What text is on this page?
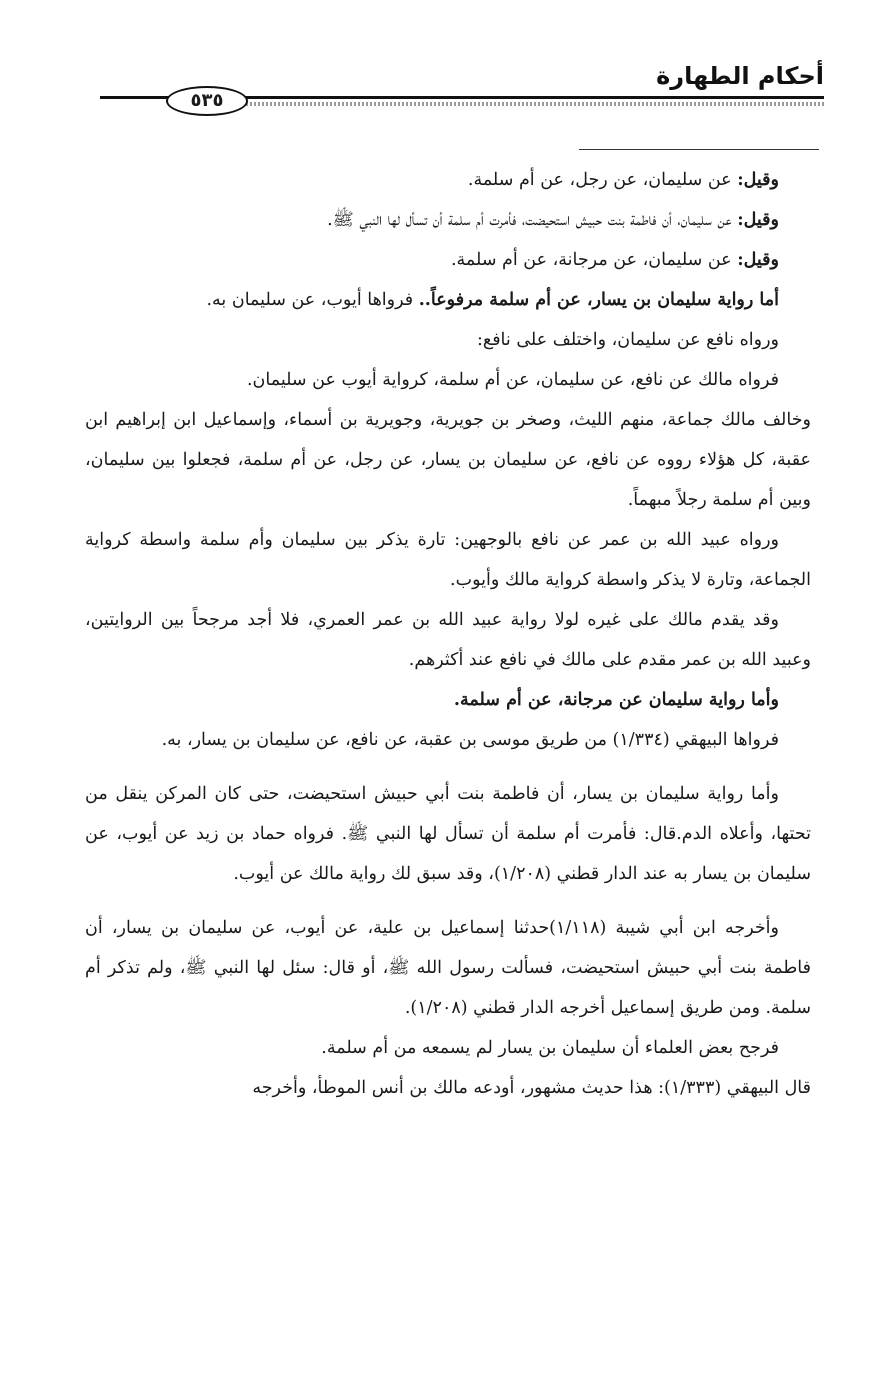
أحكام الطهارة
٥٣٥

وقيل: عن سليمان، عن رجل، عن أم سلمة.

وقيل: عن سليمان، أن فاطمة بنت حبيش استحيضت، فأمرت أم سلمة أن تسأل لها النبي ﷺ.

وقيل: عن سليمان، عن مرجانة، عن أم سلمة.

أما رواية سليمان بن يسار، عن أم سلمة مرفوعاً.. فرواها أيوب، عن سليمان به.

ورواه نافع عن سليمان، واختلف على نافع:

فرواه مالك عن نافع، عن سليمان، عن أم سلمة، كرواية أيوب عن سليمان.

وخالف مالك جماعة، منهم الليث، وصخر بن جويرية، وجويرية بن أسماء، وإسماعيل ابن إبراهيم ابن عقبة، كل هؤلاء رووه عن نافع، عن سليمان بن يسار، عن رجل، عن أم سلمة، فجعلوا بين سليمان، وبين أم سلمة رجلاً مبهماً.

ورواه عبيد الله بن عمر عن نافع بالوجهين: تارة يذكر بين سليمان وأم سلمة واسطة كرواية الجماعة، وتارة لا يذكر واسطة كرواية مالك وأيوب.

وقد يقدم مالك على غيره لولا رواية عبيد الله بن عمر العمري، فلا أجد مرجحاً بين الروايتين، وعبيد الله بن عمر مقدم على مالك في نافع عند أكثرهم.

وأما رواية سليمان عن مرجانة، عن أم سلمة.

فرواها البيهقي (١/٣٣٤) من طريق موسى بن عقبة، عن نافع، عن سليمان بن يسار، به.

وأما رواية سليمان بن يسار، أن فاطمة بنت أبي حبيش استحيضت، حتى كان المركن ينقل من تحتها، وأعلاه الدم.قال: فأمرت أم سلمة أن تسأل لها النبي ﷺ. فرواه حماد بن زيد عن أيوب، عن سليمان بن يسار به عند الدار قطني (١/٢٠٨)، وقد سبق لك رواية مالك عن أيوب.

وأخرجه ابن أبي شيبة (١/١١٨)حدثنا إسماعيل بن علية، عن أيوب، عن سليمان بن يسار، أن فاطمة بنت أبي حبيش استحيضت، فسألت رسول الله ﷺ، أو قال: سئل لها النبي ﷺ، ولم تذكر أم سلمة. ومن طريق إسماعيل أخرجه الدار قطني (١/٢٠٨).

فرجح بعض العلماء أن سليمان بن يسار لم يسمعه من أم سلمة.

قال البيهقي (١/٣٣٣): هذا حديث مشهور، أودعه مالك بن أنس الموطأ، وأخرجه
